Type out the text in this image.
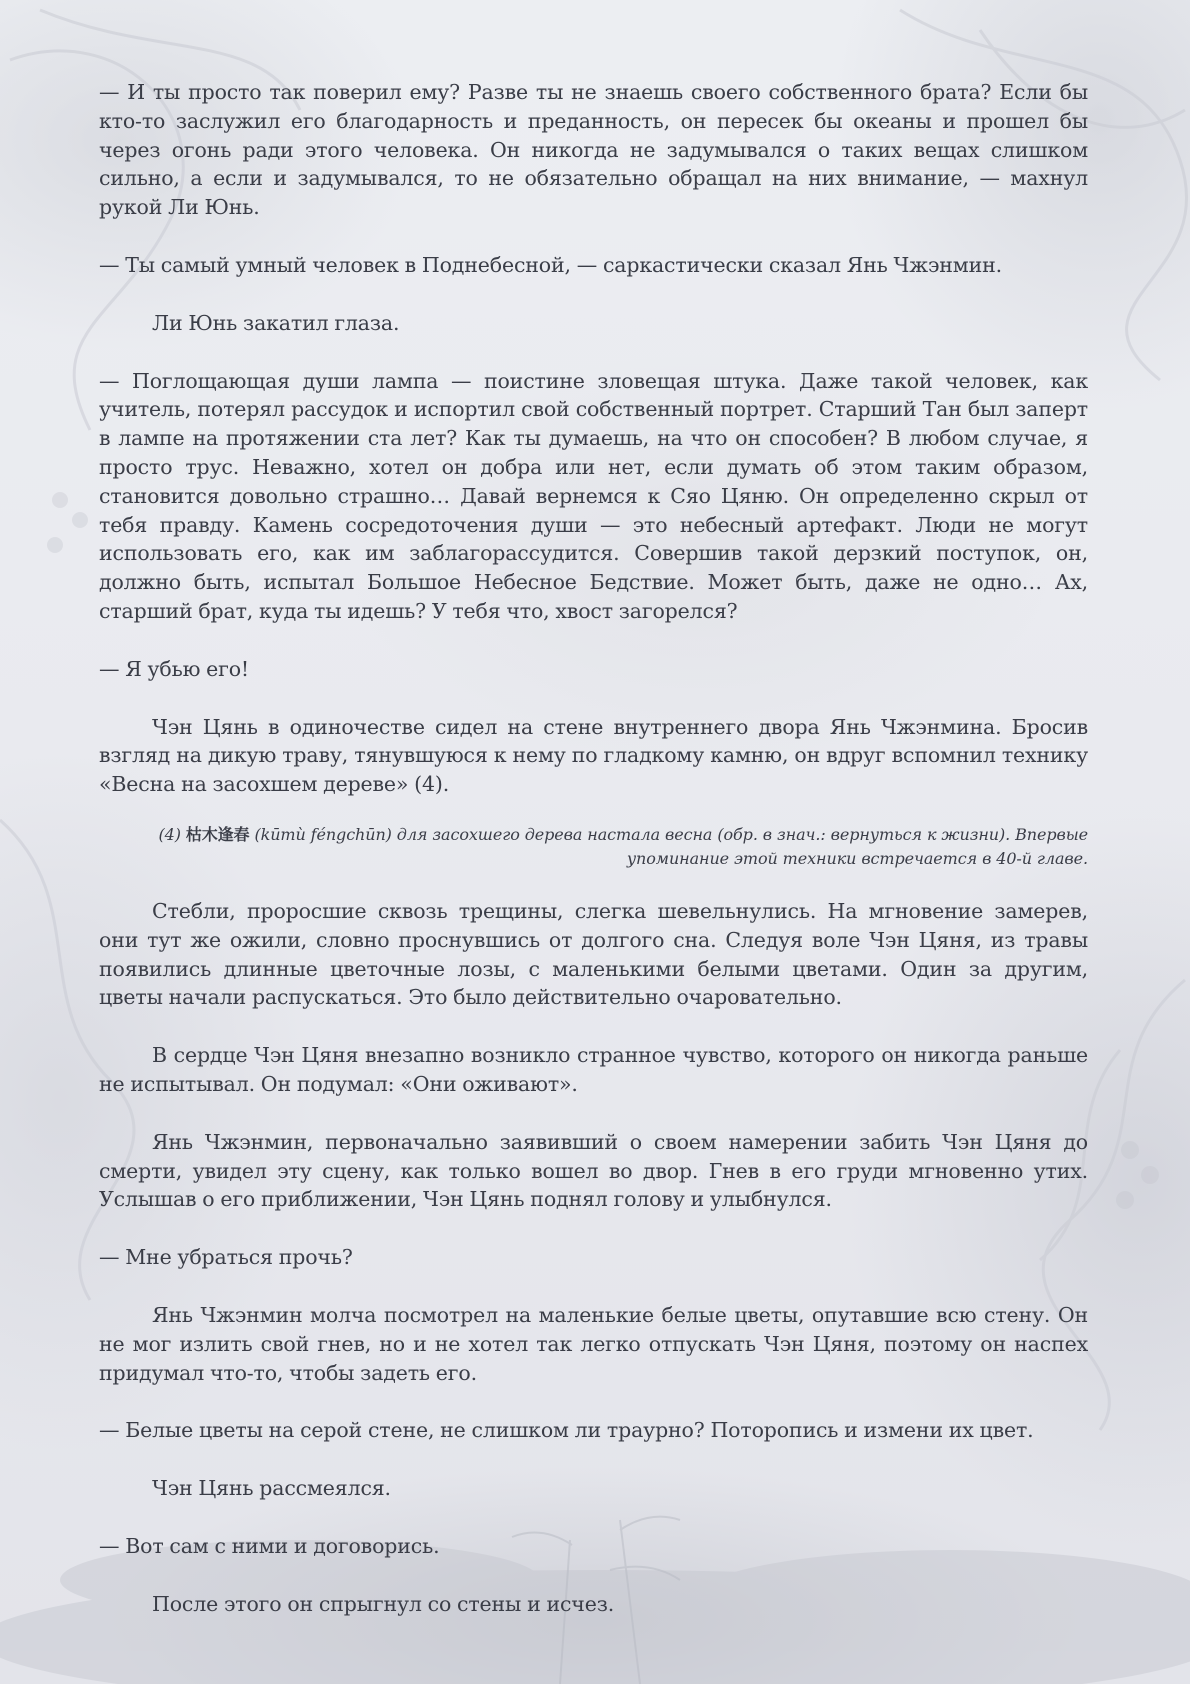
— И ты просто так поверил ему? Разве ты не знаешь своего собственного брата? Если бы кто-то заслужил его благодарность и преданность, он пересек бы океаны и прошел бы через огонь ради этого человека. Он никогда не задумывался о таких вещах слишком сильно, а если и задумывался, то не обязательно обращал на них внимание, — махнул рукой Ли Юнь.

— Ты самый умный человек в Поднебесной, — саркастически сказал Янь Чжэнмин.

Ли Юнь закатил глаза.

— Поглощающая души лампа — поистине зловещая штука. Даже такой человек, как учитель, потерял рассудок и испортил свой собственный портрет. Старший Тан был заперт в лампе на протяжении ста лет? Как ты думаешь, на что он способен? В любом случае, я просто трус. Неважно, хотел он добра или нет, если думать об этом таким образом, становится довольно страшно… Давай вернемся к Сяо Цяню. Он определенно скрыл от тебя правду. Камень сосредоточения души — это небесный артефакт. Люди не могут использовать его, как им заблагорассудится. Совершив такой дерзкий поступок, он, должно быть, испытал Большое Небесное Бедствие. Может быть, даже не одно… Ах, старший брат, куда ты идешь? У тебя что, хвост загорелся?

— Я убью его!

Чэн Цянь в одиночестве сидел на стене внутреннего двора Янь Чжэнмина. Бросив взгляд на дикую траву, тянувшуюся к нему по гладкому камню, он вдруг вспомнил технику «Весна на засохшем дереве» (4).

(4) 枯木逢春 (kūmù féngchūn) для засохшего дерева настала весна (обр. в знач.: вернуться к жизни). Впервые упоминание этой техники встречается в 40-й главе.

Стебли, проросшие сквозь трещины, слегка шевельнулись. На мгновение замерев, они тут же ожили, словно проснувшись от долгого сна. Следуя воле Чэн Цяня, из травы появились длинные цветочные лозы, с маленькими белыми цветами. Один за другим, цветы начали распускаться. Это было действительно очаровательно.

В сердце Чэн Цяня внезапно возникло странное чувство, которого он никогда раньше не испытывал. Он подумал: «Они оживают».

Янь Чжэнмин, первоначально заявивший о своем намерении забить Чэн Цяня до смерти, увидел эту сцену, как только вошел во двор. Гнев в его груди мгновенно утих. Услышав о его приближении, Чэн Цянь поднял голову и улыбнулся.

— Мне убраться прочь?

Янь Чжэнмин молча посмотрел на маленькие белые цветы, опутавшие всю стену. Он не мог излить свой гнев, но и не хотел так легко отпускать Чэн Цяня, поэтому он наспех придумал что-то, чтобы задеть его.

— Белые цветы на серой стене, не слишком ли траурно? Поторопись и измени их цвет.

Чэн Цянь рассмеялся.

— Вот сам с ними и договорись.

После этого он спрыгнул со стены и исчез.
